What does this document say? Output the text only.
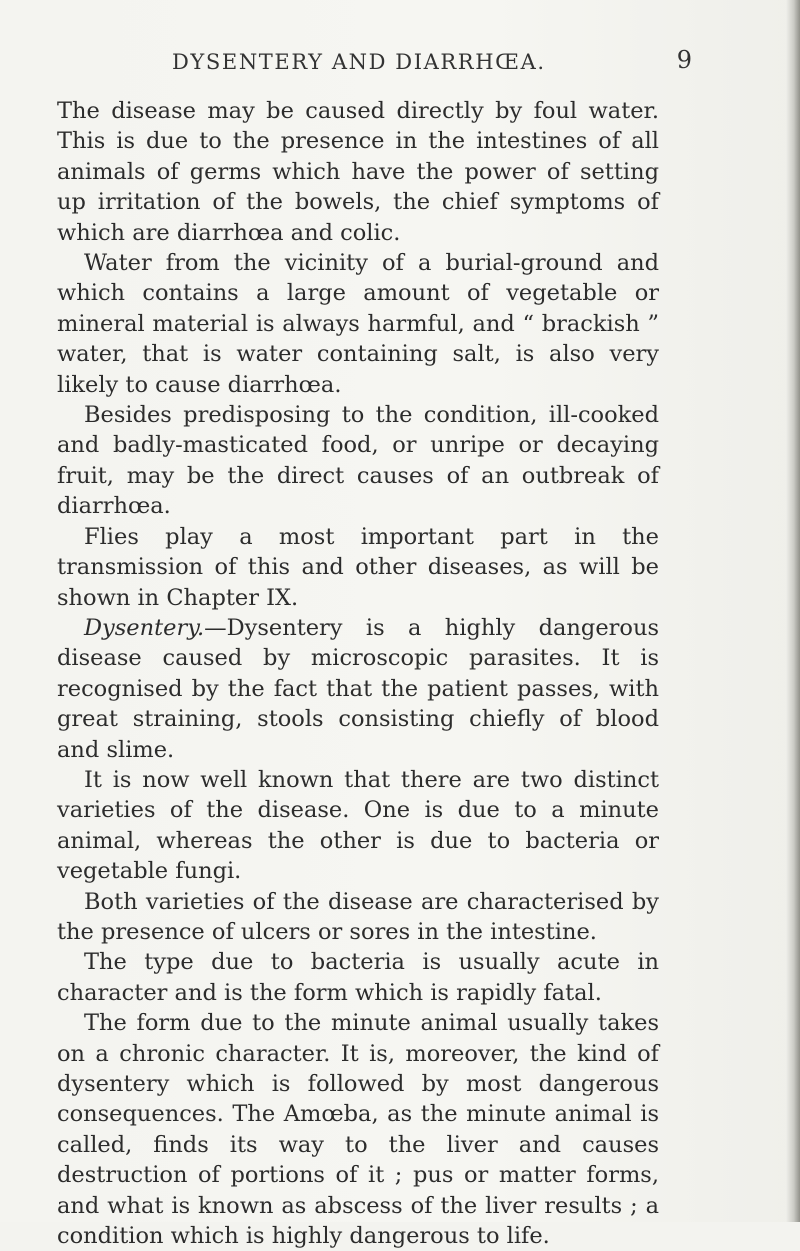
DYSENTERY AND DIARRHŒA.	9

The disease may be caused directly by foul water. This is due to the presence in the intestines of all animals of germs which have the power of setting up irritation of the bowels, the chief symptoms of which are diarrhœa and colic.

Water from the vicinity of a burial-ground and which contains a large amount of vegetable or mineral material is always harmful, and “ brackish ” water, that is water containing salt, is also very likely to cause diarrhœa.

Besides predisposing to the condition, ill-cooked and badly-masticated food, or unripe or decaying fruit, may be the direct causes of an outbreak of diarrhœa.

Flies play a most important part in the transmission of this and other diseases, as will be shown in Chapter IX.

Dysentery.—Dysentery is a highly dangerous disease caused by microscopic parasites. It is recognised by the fact that the patient passes, with great straining, stools consisting chiefly of blood and slime.

It is now well known that there are two distinct varieties of the disease. One is due to a minute animal, whereas the other is due to bacteria or vegetable fungi.

Both varieties of the disease are characterised by the presence of ulcers or sores in the intestine.

The type due to bacteria is usually acute in character and is the form which is rapidly fatal.

The form due to the minute animal usually takes on a chronic character. It is, moreover, the kind of dysentery which is followed by most dangerous consequences. The Amœba, as the minute animal is called, finds its way to the liver and causes destruction of portions of it ; pus or matter forms, and what is known as abscess of the liver results ; a condition which is highly dangerous to life.
